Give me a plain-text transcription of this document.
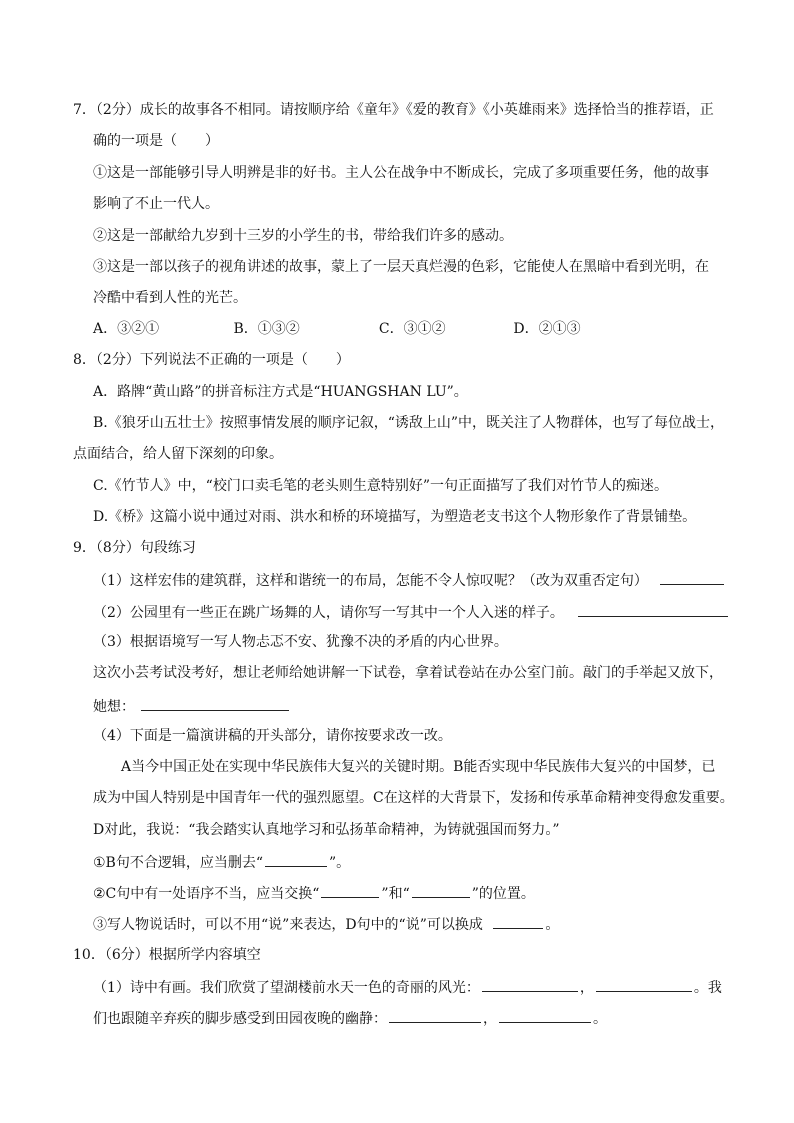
7．（2分）成长的故事各不相同。请按顺序给《童年》《爱的教育》《小英雄雨来》选择恰当的推荐语，正
确的一项是（　　）
①这是一部能够引导人明辨是非的好书。主人公在战争中不断成长，完成了多项重要任务，他的故事
影响了不止一代人。
②这是一部献给九岁到十三岁的小学生的书，带给我们许多的感动。
③这是一部以孩子的视角讲述的故事，蒙上了一层天真烂漫的色彩，它能使人在黑暗中看到光明，在
冷酷中看到人性的光芒。
A．③②①	B．①③②	C．③①②	D．②①③
8．（2分）下列说法不正确的一项是（　　）
A．路牌“黄山路”的拼音标注方式是“HUANGSHAN LU”。
B.《狼牙山五壮士》按照事情发展的顺序记叙，“诱敌上山”中，既关注了人物群体，也写了每位战士，
点面结合，给人留下深刻的印象。
C.《竹节人》中，“校门口卖毛笔的老头则生意特别好”一句正面描写了我们对竹节人的痴迷。
D.《桥》这篇小说中通过对雨、洪水和桥的环境描写，为塑造老支书这个人物形象作了背景铺垫。
9．（8分）句段练习
（1）这样宏伟的建筑群，这样和谐统一的布局，怎能不令人惊叹呢？（改为双重否定句）
（2）公园里有一些正在跳广场舞的人，请你写一写其中一个人入迷的样子。
（3）根据语境写一写人物忐忑不安、犹豫不决的矛盾的内心世界。
这次小芸考试没考好，想让老师给她讲解一下试卷，拿着试卷站在办公室门前。敲门的手举起又放下，
她想：
（4）下面是一篇演讲稿的开头部分，请你按要求改一改。
A当今中国正处在实现中华民族伟大复兴的关键时期。B能否实现中华民族伟大复兴的中国梦，已
成为中国人特别是中国青年一代的强烈愿望。C在这样的大背景下，发扬和传承革命精神变得愈发重要。
D对此，我说：“我会踏实认真地学习和弘扬革命精神，为铸就强国而努力。”
①B句不合逻辑，应当删去“	”。
②C句中有一处语序不当，应当交换“	”和“	”的位置。
③写人物说话时，可以不用“说”来表达，D句中的“说”可以换成	。
10．（6分）根据所学内容填空
（1）诗中有画。我们欣赏了望湖楼前水天一色的奇丽的风光：	，	。我
们也跟随辛弃疾的脚步感受到田园夜晚的幽静：	，	。
